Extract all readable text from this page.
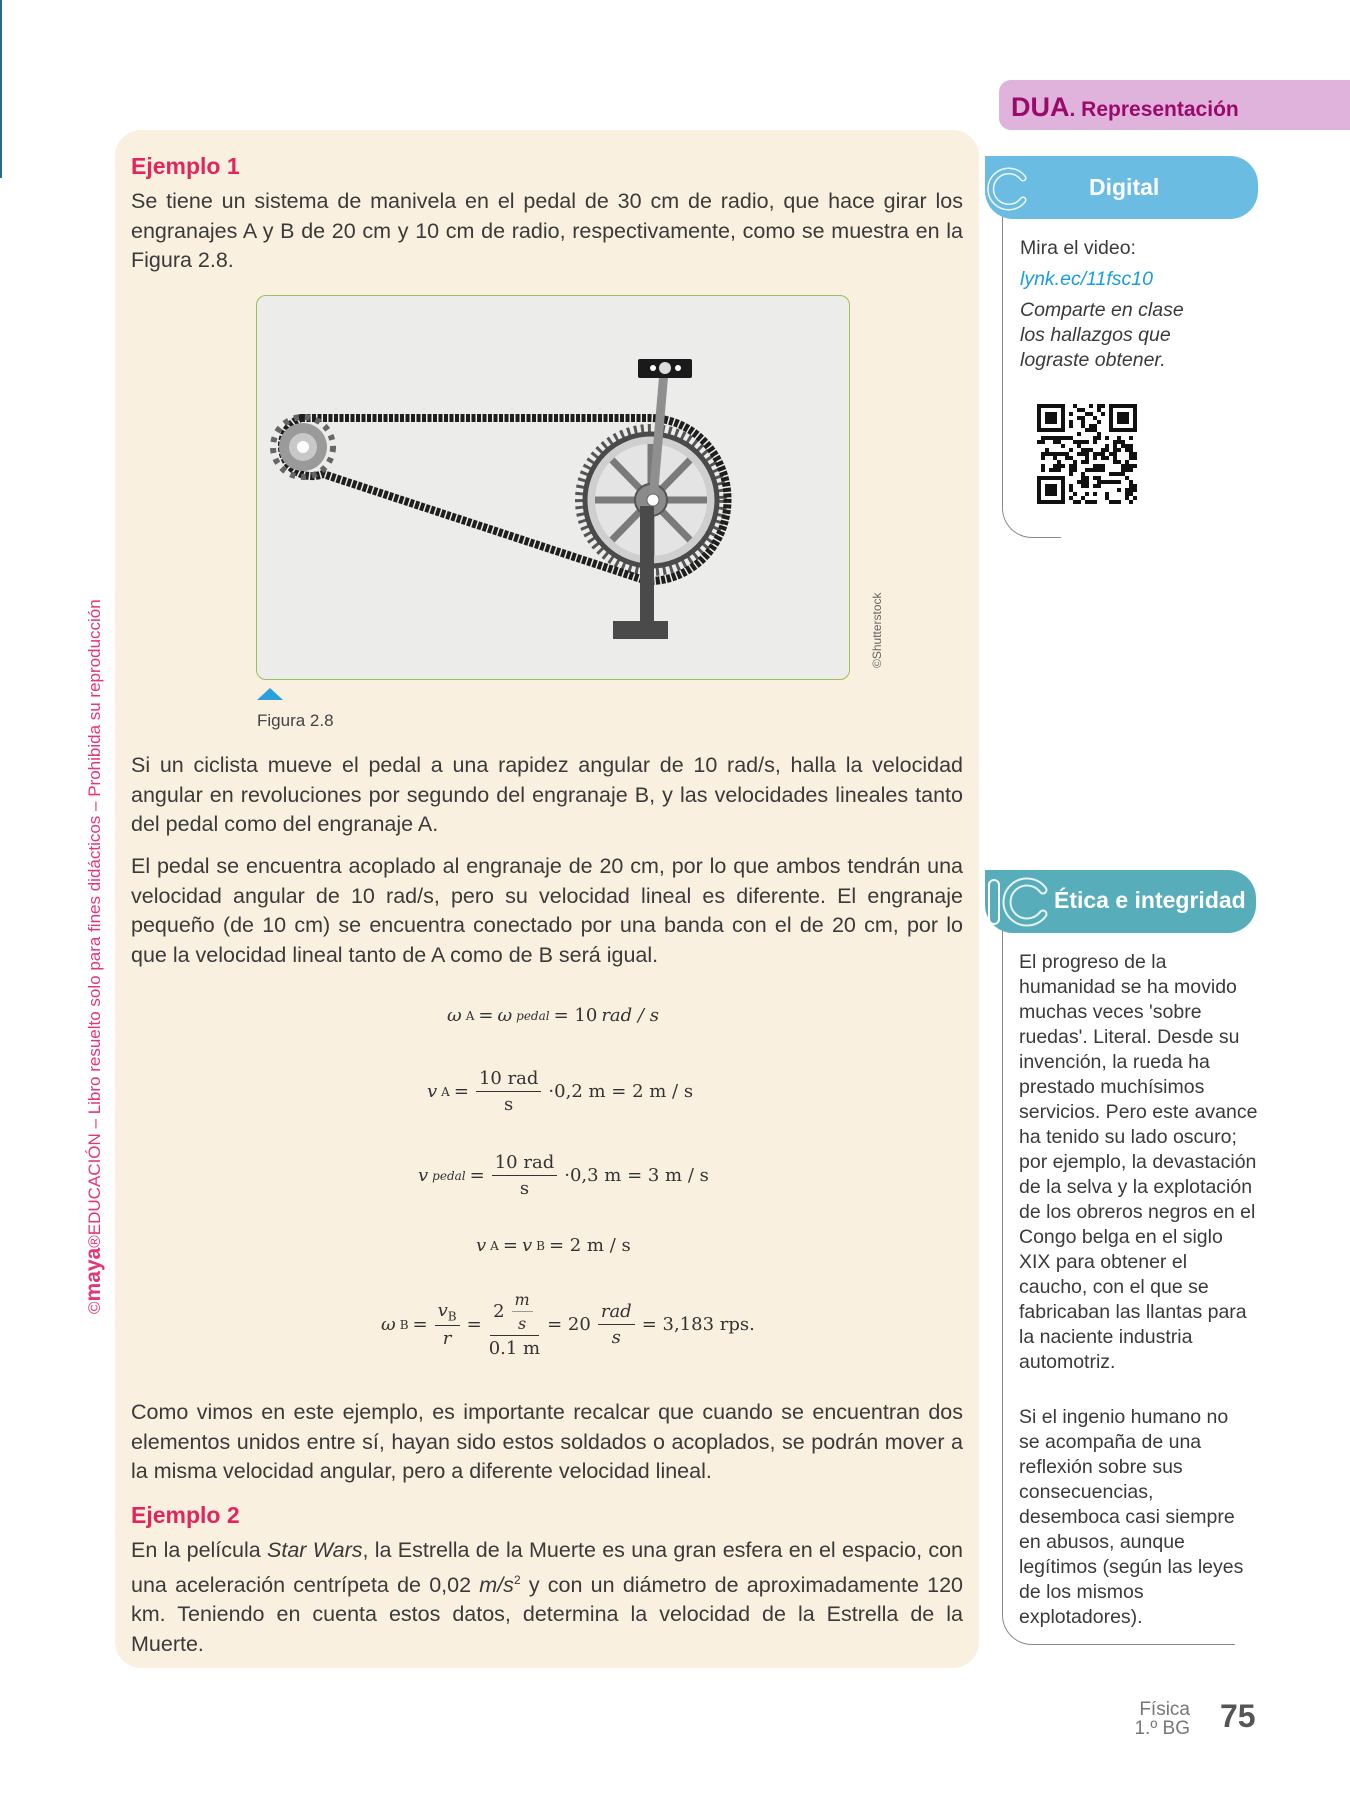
©maya®EDUCACIÓN – Libro resuelto solo para fines didácticos – Prohibida su reproducción
Ejemplo 1
Se tiene un sistema de manivela en el pedal de 30 cm de radio, que hace girar los engranajes A y B de 20 cm y 10 cm de radio, respectivamente, como se muestra en la Figura 2.8.
©Shutterstock
Figura 2.8
Si un ciclista mueve el pedal a una rapidez angular de 10 rad/s, halla la velocidad angular en revoluciones por segundo del engranaje B, y las velocidades lineales tanto del pedal como del engranaje A.
El pedal se encuentra acoplado al engranaje de 20 cm, por lo que ambos tendrán una velocidad angular de 10 rad/s, pero su velocidad lineal es diferente. El engranaje pequeño (de 10 cm) se encuentra conectado por una banda con el de 20 cm, por lo que la velocidad lineal tanto de A como de B será igual.
ω A = ω pedal = 10 rad / s
v $A = \frac{\text{10 rad}}{s} \cdot 0,2$ m = 2 m / s
v pedal = $\frac{\text{10 rad}}{s} \cdot 0,3$ m = 3 m / s
v A = v B = 2 m / s
ω $B = \frac{v_B}{r} = \frac{2 \frac{m}{s}}{0.1 m} = 20 \frac{\text{rad}}{s} = 3,183$ rps.
Como vimos en este ejemplo, es importante recalcar que cuando se encuentran dos elementos unidos entre sí, hayan sido estos soldados o acoplados, se podrán mover a la misma velocidad angular, pero a diferente velocidad lineal.
Ejemplo 2
En la película Star Wars, la Estrella de la Muerte es una gran esfera en el espacio, con una aceleración centrípeta de 0,02 $m/s^2$ y con un diámetro de aproximadamente 120 km. Teniendo en cuenta estos datos, determina la velocidad de la Estrella de la Muerte.
DUA. Representación
Digital
Mira el video:
lynk.ec/11fsc10
Comparte en clase los hallazgos que lograste obtener.
Ética e integridad
El progreso de la humanidad se ha movido muchas veces 'sobre ruedas'. Literal. Desde su invención, la rueda ha prestado muchísimos servicios. Pero este avance ha tenido su lado oscuro; por ejemplo, la devastación de la selva y la explotación de los obreros negros en el Congo belga en el siglo XIX para obtener el caucho, con el que se fabricaban las llantas para la naciente industria automotriz.
Si el ingenio humano no se acompaña de una reflexión sobre sus consecuencias, desemboca casi siempre en abusos, aunque legítimos (según las leyes de los mismos explotadores).
Física
1.º BG 75
